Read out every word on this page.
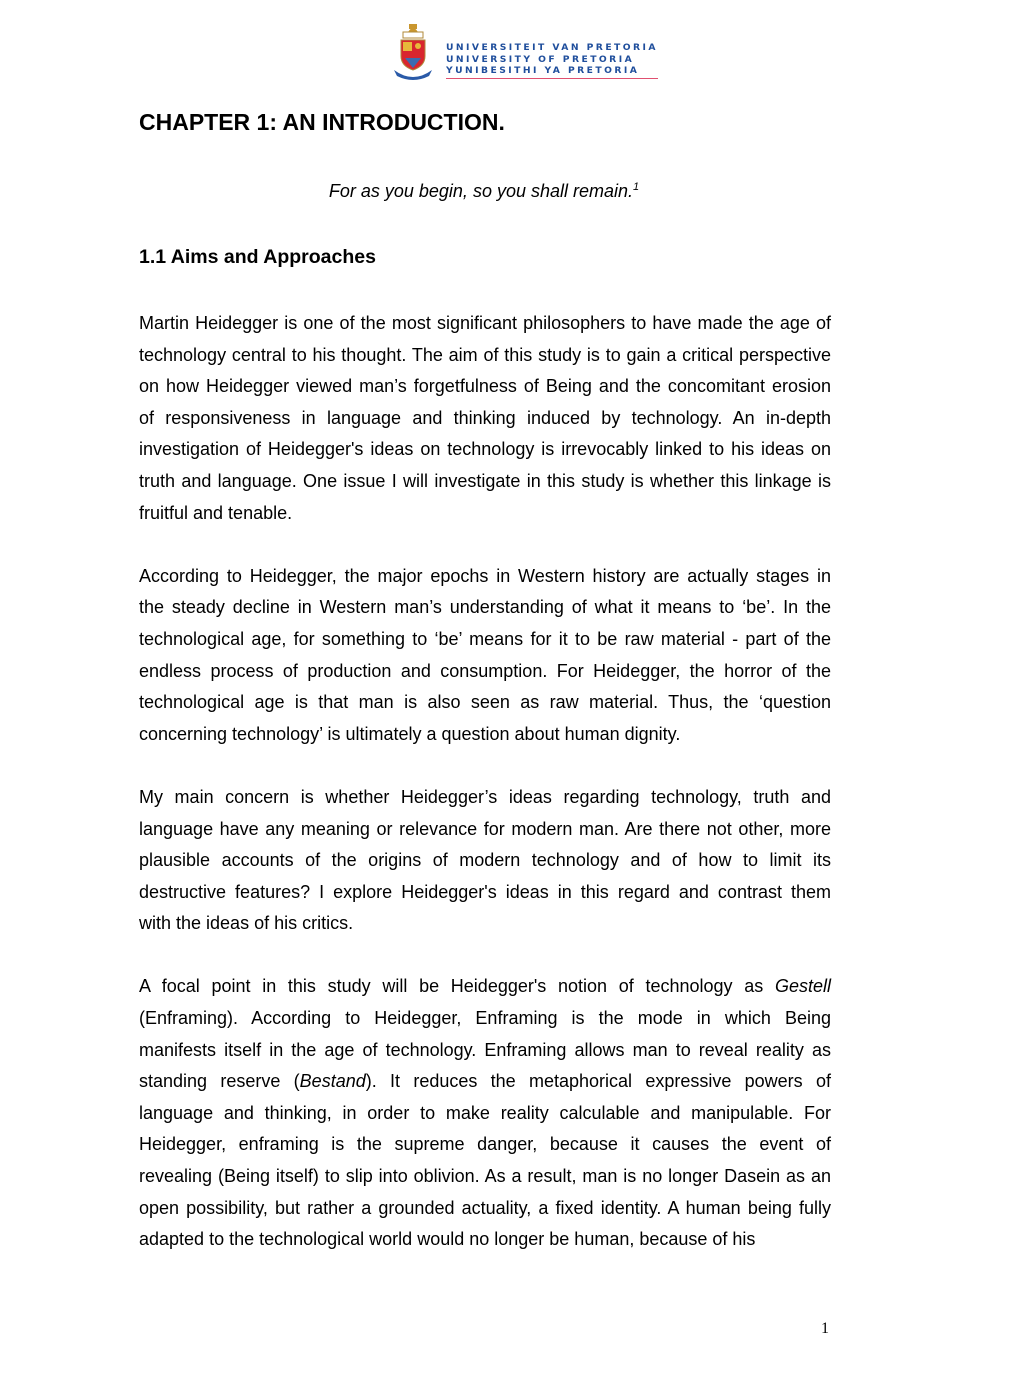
UNIVERSITEIT VAN PRETORIA
UNIVERSITY OF PRETORIA
YUNIBESITHI YA PRETORIA
CHAPTER 1: AN INTRODUCTION.
For as you begin, so you shall remain.$^1$
1.1 Aims and Approaches
Martin Heidegger is one of the most significant philosophers to have made the age of
technology central to his thought. The aim of this study is to gain a critical perspective
on how Heidegger viewed man’s forgetfulness of Being and the concomitant erosion
of responsiveness in language and thinking induced by technology. An in-depth
investigation of Heidegger's ideas on technology is irrevocably linked to his ideas on
truth and language. One issue I will investigate in this study is whether this linkage is
fruitful and tenable.
According to Heidegger, the major epochs in Western history are actually stages in
the steady decline in Western man’s understanding of what it means to ‘be’. In the
technological age, for something to ‘be’ means for it to be raw material - part of the
endless process of production and consumption. For Heidegger, the horror of the
technological age is that man is also seen as raw material. Thus, the ‘question
concerning technology’ is ultimately a question about human dignity.
My main concern is whether Heidegger’s ideas regarding technology, truth and
language have any meaning or relevance for modern man. Are there not other, more
plausible accounts of the origins of modern technology and of how to limit its
destructive features? I explore Heidegger's ideas in this regard and contrast them
with the ideas of his critics.
A focal point in this study will be Heidegger's notion of technology as Gestell
(Enframing). According to Heidegger, Enframing is the mode in which Being
manifests itself in the age of technology. Enframing allows man to reveal reality as
standing reserve (Bestand). It reduces the metaphorical expressive powers of
language and thinking, in order to make reality calculable and manipulable. For
Heidegger, enframing is the supreme danger, because it causes the event of
revealing (Being itself) to slip into oblivion. As a result, man is no longer Dasein as an
open possibility, but rather a grounded actuality, a fixed identity. A human being fully
adapted to the technological world would no longer be human, because of his
1
